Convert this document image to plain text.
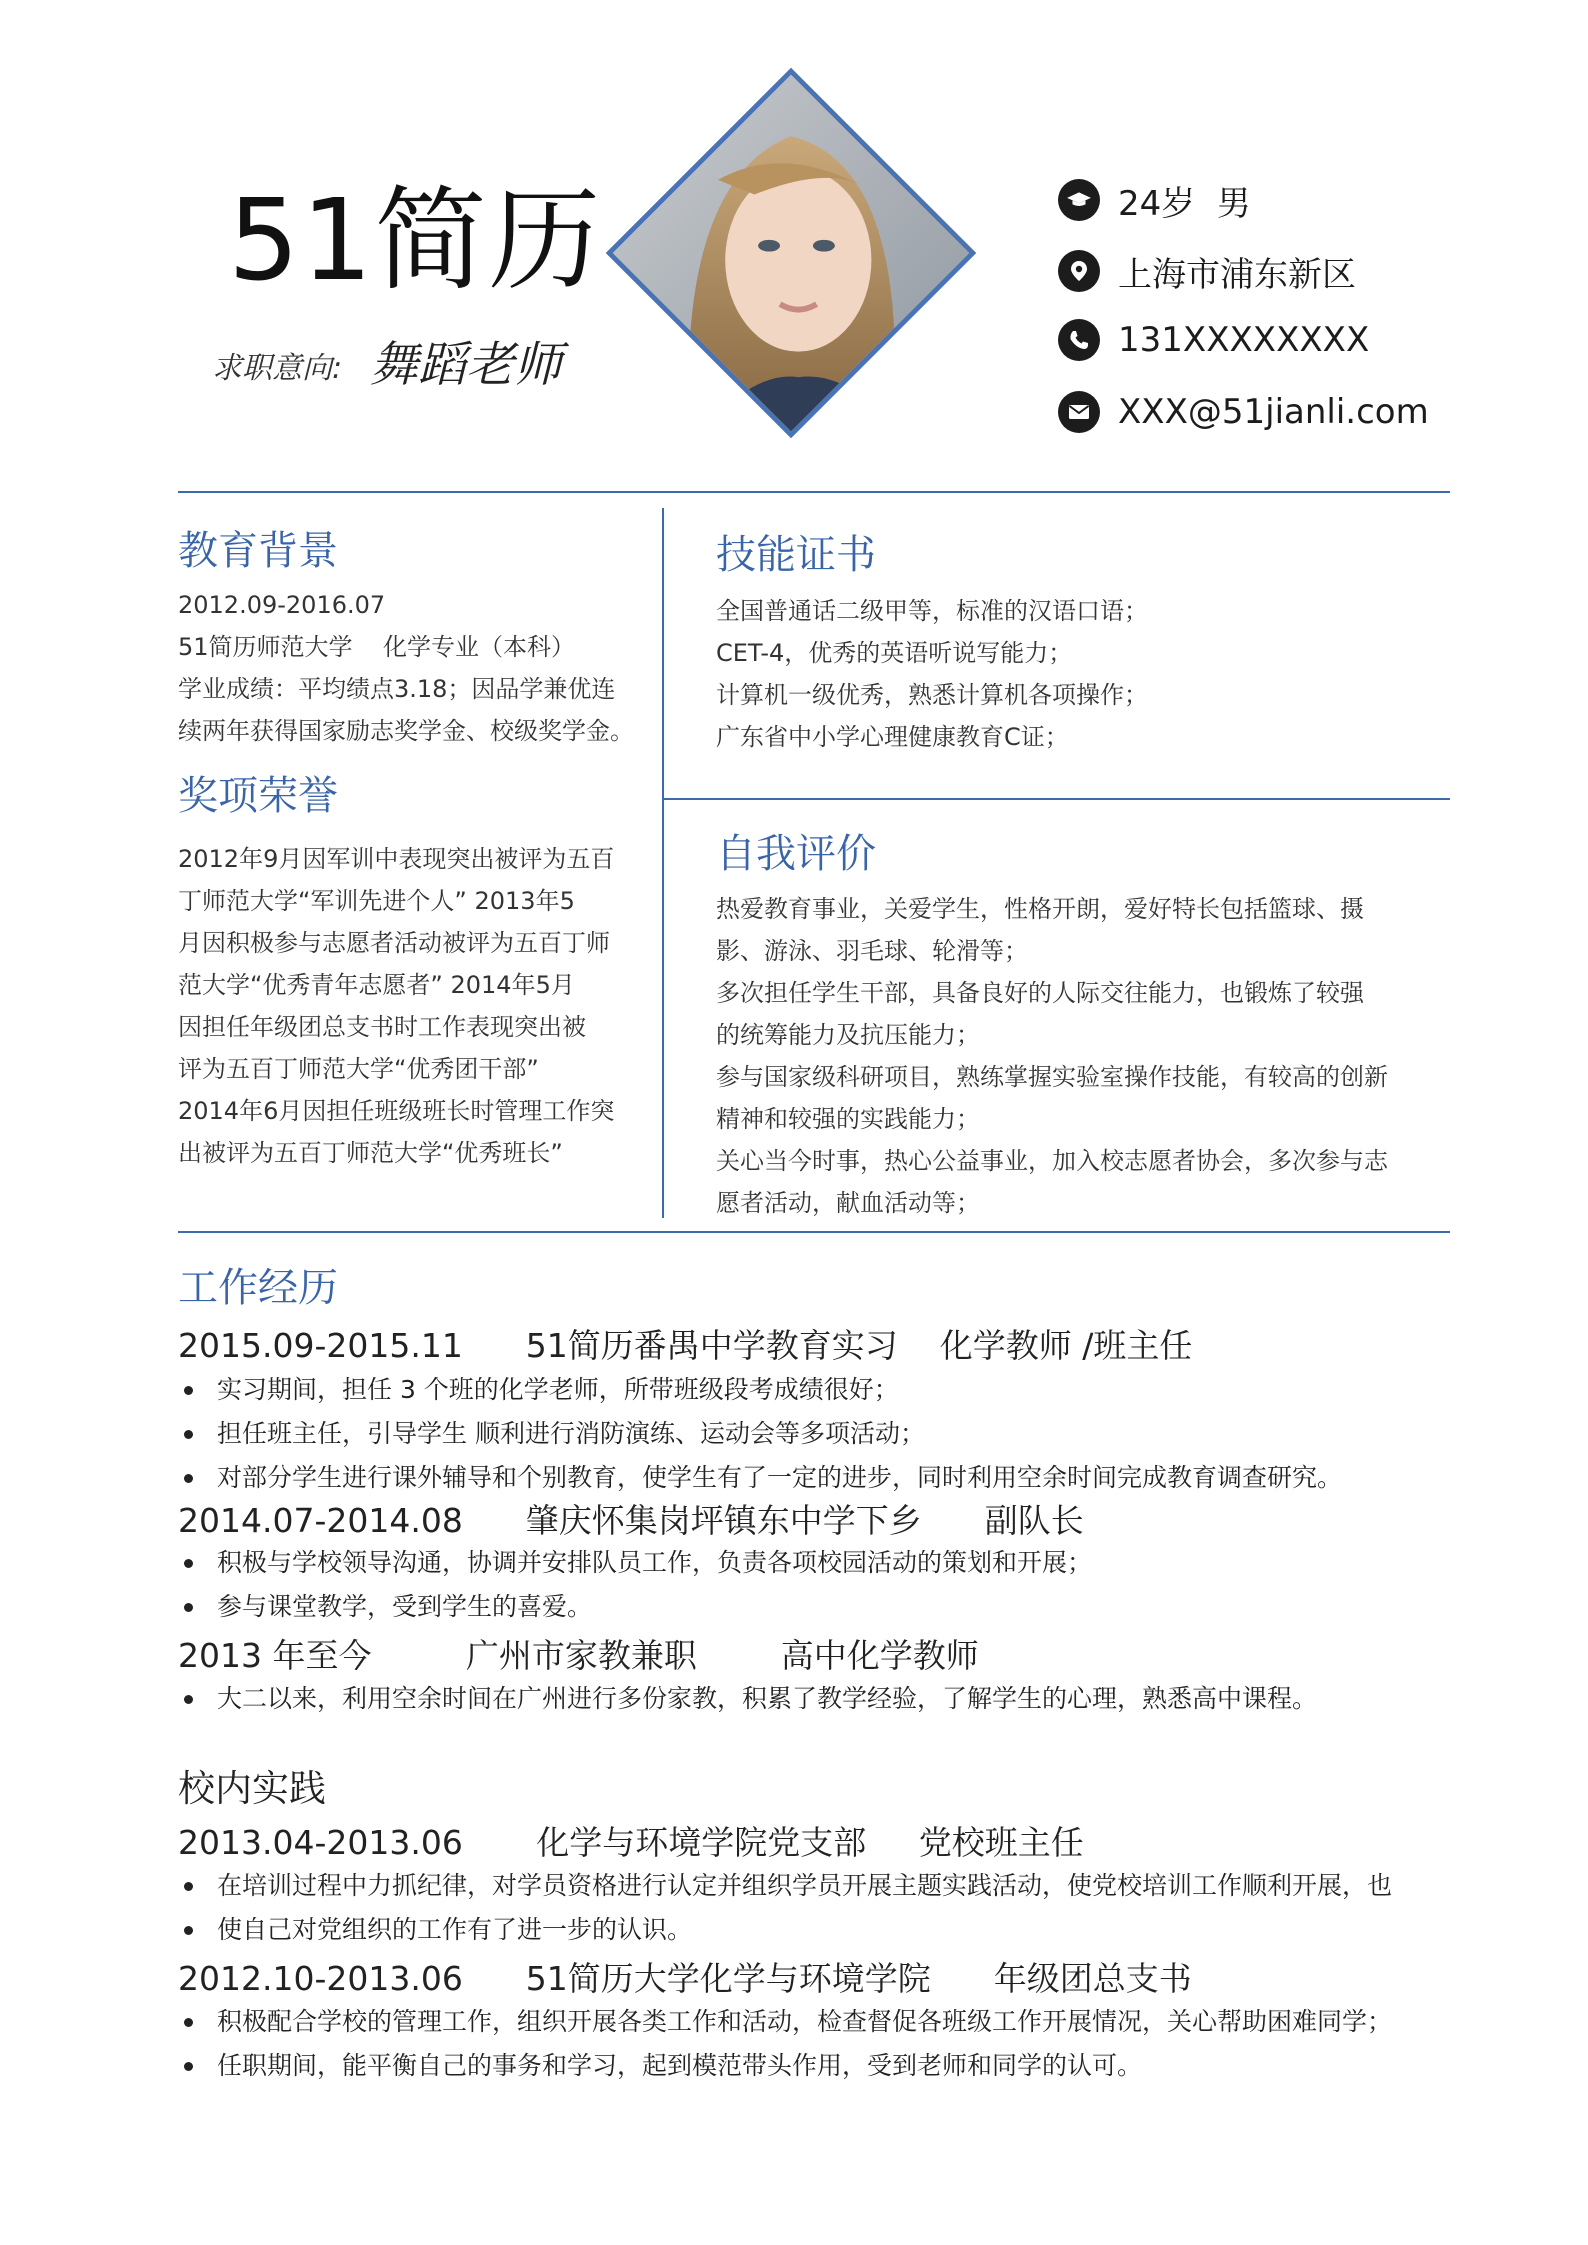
51简历
求职意向: 舞蹈老师
24岁  男
上海市浦东新区
131XXXXXXXX
XXX@51jianli.com
教育背景
2012.09-2016.07
51简历师范大学    化学专业（本科）
学业成绩：平均绩点3.18；因品学兼优连
续两年获得国家励志奖学金、校级奖学金。
奖项荣誉
2012年9月因军训中表现突出被评为五百
丁师范大学“军训先进个人” 2013年5
月因积极参与志愿者活动被评为五百丁师
范大学“优秀青年志愿者” 2014年5月
因担任年级团总支书时工作表现突出被
评为五百丁师范大学“优秀团干部”
2014年6月因担任班级班长时管理工作突
出被评为五百丁师范大学“优秀班长”
技能证书
全国普通话二级甲等，标准的汉语口语；
CET-4，优秀的英语听说写能力；
计算机一级优秀，熟悉计算机各项操作；
广东省中小学心理健康教育C证；
自我评价
热爱教育事业，关爱学生，性格开朗，爱好特长包括篮球、摄
影、游泳、羽毛球、轮滑等；
多次担任学生干部，具备良好的人际交往能力，也锻炼了较强
的统筹能力及抗压能力；
参与国家级科研项目，熟练掌握实验室操作技能，有较高的创新
精神和较强的实践能力；
关心当今时事，热心公益事业，加入校志愿者协会，多次参与志
愿者活动，献血活动等；
工作经历
2015.09-2015.11      51简历番禺中学教育实习    化学教师 /班主任
实习期间，担任 3 个班的化学老师，所带班级段考成绩很好；
担任班主任，引导学生 顺利进行消防演练、运动会等多项活动；
对部分学生进行课外辅导和个别教育，使学生有了一定的进步，同时利用空余时间完成教育调查研究。
2014.07-2014.08      肇庆怀集岗坪镇东中学下乡      副队长
积极与学校领导沟通，协调并安排队员工作，负责各项校园活动的策划和开展；
参与课堂教学，受到学生的喜爱。
2013 年至今         广州市家教兼职        高中化学教师
大二以来，利用空余时间在广州进行多份家教，积累了教学经验，了解学生的心理，熟悉高中课程。
校内实践
2013.04-2013.06       化学与环境学院党支部     党校班主任
在培训过程中力抓纪律，对学员资格进行认定并组织学员开展主题实践活动，使党校培训工作顺利开展，也
使自己对党组织的工作有了进一步的认识。
2012.10-2013.06      51简历大学化学与环境学院      年级团总支书
积极配合学校的管理工作，组织开展各类工作和活动，检查督促各班级工作开展情况，关心帮助困难同学；
任职期间，能平衡自己的事务和学习，起到模范带头作用，受到老师和同学的认可。
